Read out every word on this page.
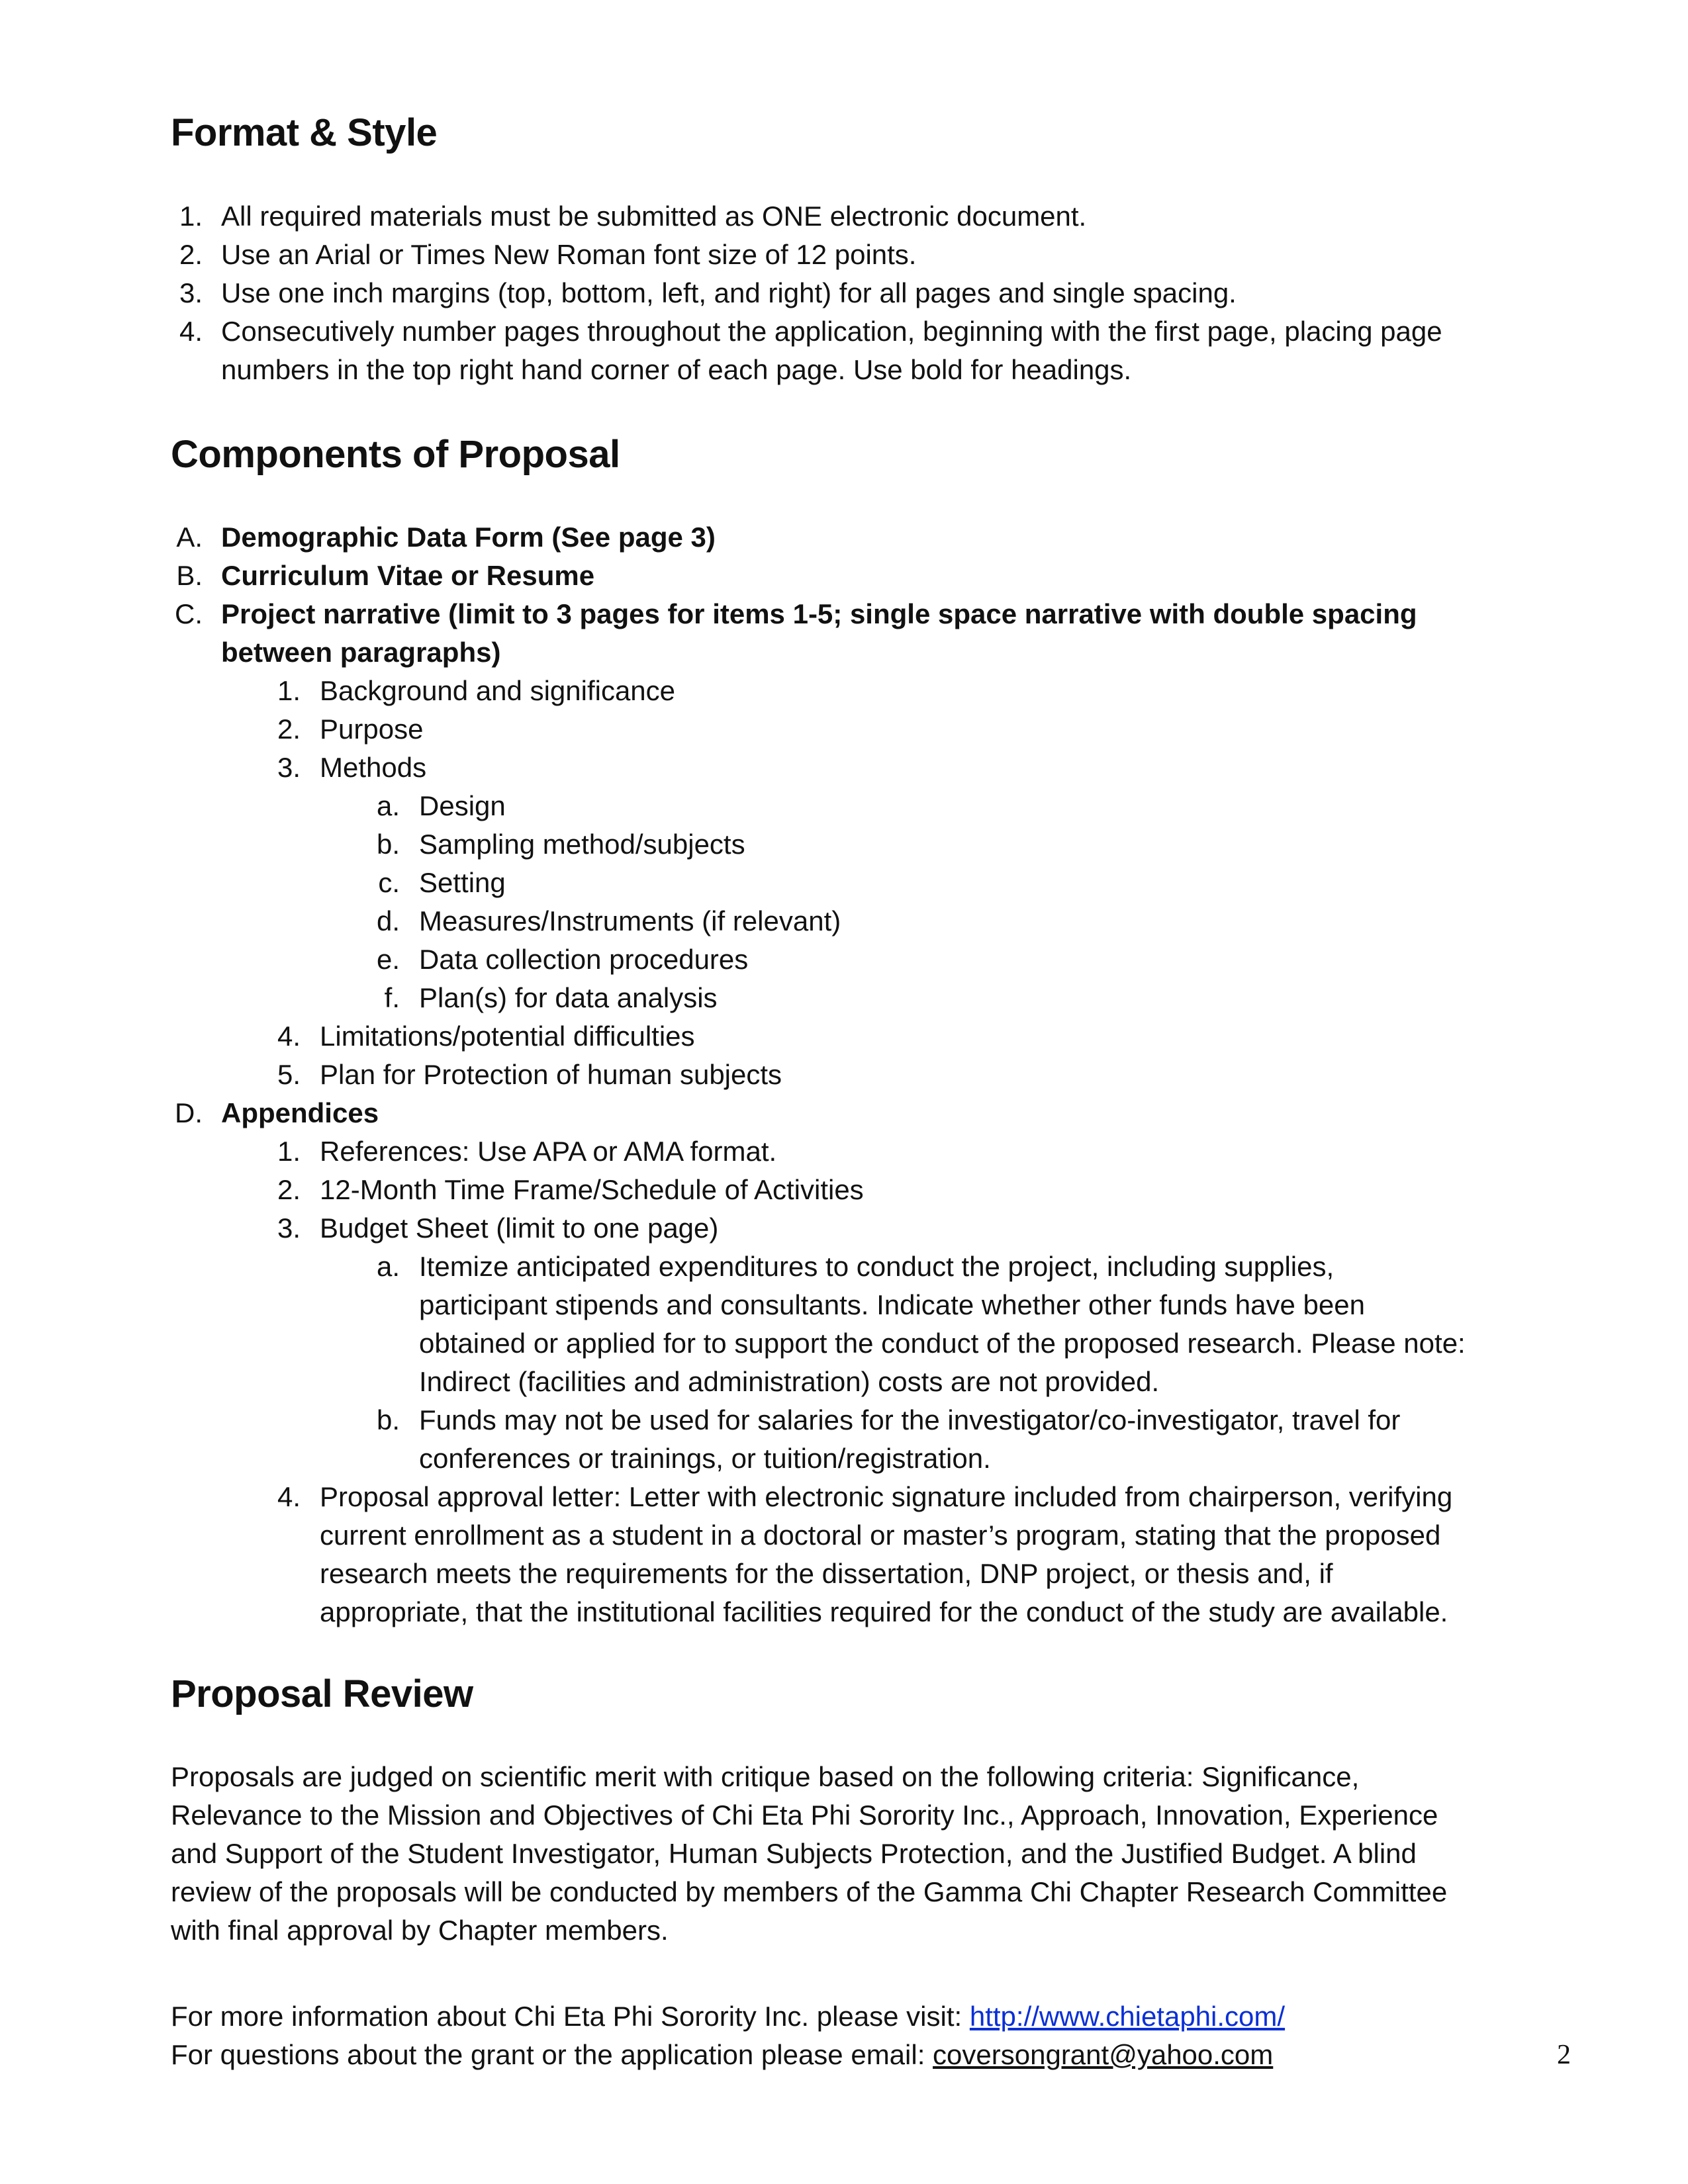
Format & Style
1. All required materials must be submitted as ONE electronic document.
2. Use an Arial or Times New Roman font size of 12 points.
3. Use one inch margins (top, bottom, left, and right) for all pages and single spacing.
4. Consecutively number pages throughout the application, beginning with the first page, placing page
numbers in the top right hand corner of each page. Use bold for headings.
Components of Proposal
A. Demographic Data Form (See page 3)
B. Curriculum Vitae or Resume
C. Project narrative (limit to 3 pages for items 1-5; single space narrative with double spacing
between paragraphs)
1. Background and significance
2. Purpose
3. Methods
a. Design
b. Sampling method/subjects
c. Setting
d. Measures/Instruments (if relevant)
e. Data collection procedures
f. Plan(s) for data analysis
4. Limitations/potential difficulties
5. Plan for Protection of human subjects
D. Appendices
1. References: Use APA or AMA format.
2. 12-Month Time Frame/Schedule of Activities
3. Budget Sheet (limit to one page)
a. Itemize anticipated expenditures to conduct the project, including supplies,
participant stipends and consultants. Indicate whether other funds have been
obtained or applied for to support the conduct of the proposed research. Please note:
Indirect (facilities and administration) costs are not provided.
b. Funds may not be used for salaries for the investigator/co-investigator, travel for
conferences or trainings, or tuition/registration.
4. Proposal approval letter: Letter with electronic signature included from chairperson, verifying
current enrollment as a student in a doctoral or master’s program, stating that the proposed
research meets the requirements for the dissertation, DNP project, or thesis and, if
appropriate, that the institutional facilities required for the conduct of the study are available.
Proposal Review
Proposals are judged on scientific merit with critique based on the following criteria: Significance,
Relevance to the Mission and Objectives of Chi Eta Phi Sorority Inc., Approach, Innovation, Experience
and Support of the Student Investigator, Human Subjects Protection, and the Justified Budget. A blind
review of the proposals will be conducted by members of the Gamma Chi Chapter Research Committee
with final approval by Chapter members.
For more information about Chi Eta Phi Sorority Inc. please visit: http://www.chietaphi.com/
For questions about the grant or the application please email: coversongrant@yahoo.com	2
